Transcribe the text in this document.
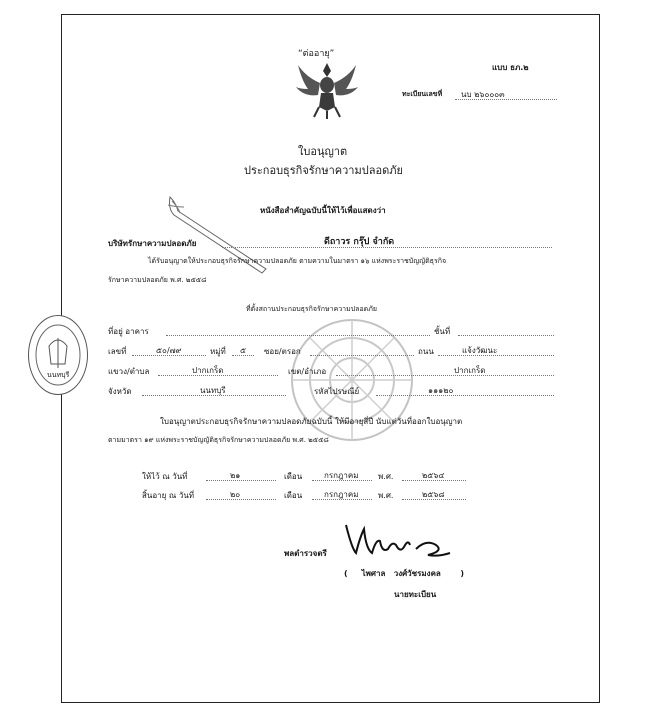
นนทบุรี
“ต่ออายุ”
แบบ ธภ.๒
ทะเบียนเลขที่ นบ ๒๖๐๐๐๓
ใบอนุญาต
ประกอบธุรกิจรักษาความปลอดภัย
หนังสือสำคัญฉบับนี้ให้ไว้เพื่อแสดงว่า
บริษัทรักษาความปลอดภัย	ดีถาวร กรุ๊ป จำกัด
ได้รับอนุญาตให้ประกอบธุรกิจรักษาความปลอดภัย ตามความในมาตรา ๑๖ แห่งพระราชบัญญัติธุรกิจ
รักษาความปลอดภัย พ.ศ. ๒๕๕๘
ที่ตั้งสถานประกอบธุรกิจรักษาความปลอดภัย
ที่อยู่ อาคาร	ชั้นที่
เลขที่	๕๐/๗๙	หมู่ที่ ๕ ซอย/ตรอก	ถนน	แจ้งวัฒนะ
แขวง/ตำบล	ปากเกร็ด	เขต/อำเภอ	ปากเกร็ด
จังหวัด	นนทบุรี	รหัสไปรษณีย์	๑๑๑๒๐
ใบอนุญาตประกอบธุรกิจรักษาความปลอดภัยฉบับนี้ ให้มีอายุสี่ปี นับแต่วันที่ออกใบอนุญาต
ตามมาตรา ๑๙ แห่งพระราชบัญญัติธุรกิจรักษาความปลอดภัย พ.ศ. ๒๕๕๘
ให้ไว้ ณ วันที่	๒๑	เดือน	กรกฎาคม พ.ศ.	๒๕๖๔
สิ้นอายุ ณ วันที่	๒๐	เดือน	กรกฎาคม พ.ศ.	๒๕๖๘
พลตำรวจตรี
(     ไพศาล   วงศ์วัชรมงคล       )
นายทะเบียน
